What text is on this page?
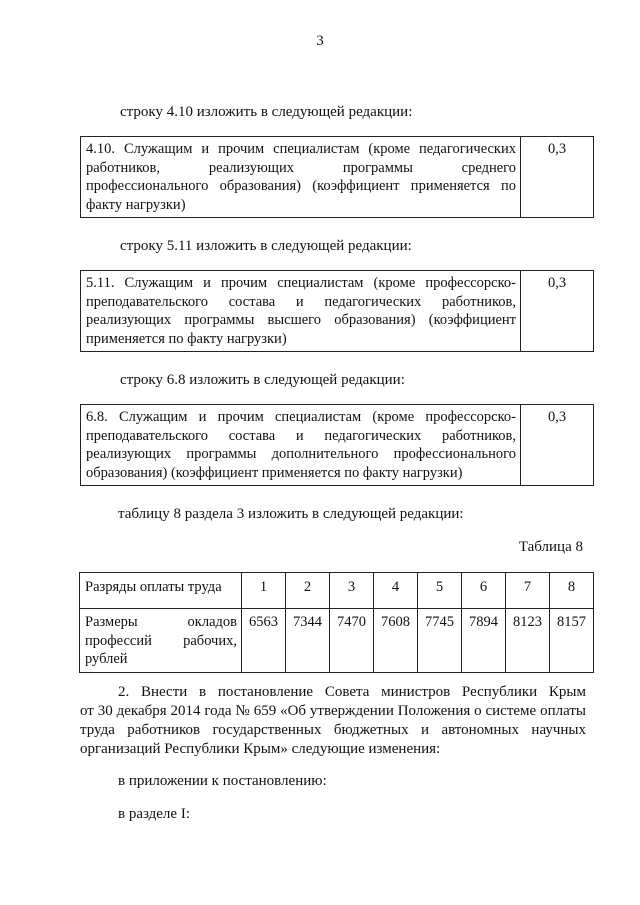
3
строку 4.10 изложить в следующей редакции:
4.10. Служащим и прочим специалистам (кроме педагогических
работников, реализующих программы среднего
профессионального образования) (коэффициент применяется по
факту нагрузки)
	0,3
строку 5.11 изложить в следующей редакции:
5.11. Служащим и прочим специалистам (кроме профессорско-
преподавательского состава и педагогических работников,
реализующих программы высшего образования) (коэффициент
применяется по факту нагрузки)
	0,3
строку 6.8 изложить в следующей редакции:
6.8. Служащим и прочим специалистам (кроме профессорско-
преподавательского состава и педагогических работников,
реализующих программы дополнительного профессионального
образования) (коэффициент применяется по факту нагрузки)
	0,3
таблицу 8 раздела 3 изложить в следующей редакции:
Таблица 8
Разряды оплаты труда	1	2	3	4	5	6	7	8

Размеры окладов
профессий рабочих,
рублей	6563	7344	7470	7608	7745	7894	8123	8157
2. Внести в постановление Совета министров Республики Крым
от 30 декабря 2014 года № 659 «Об утверждении Положения о системе оплаты
труда работников государственных бюджетных и автономных научных
организаций Республики Крым» следующие изменения:
в приложении к постановлению:
в разделе I:
